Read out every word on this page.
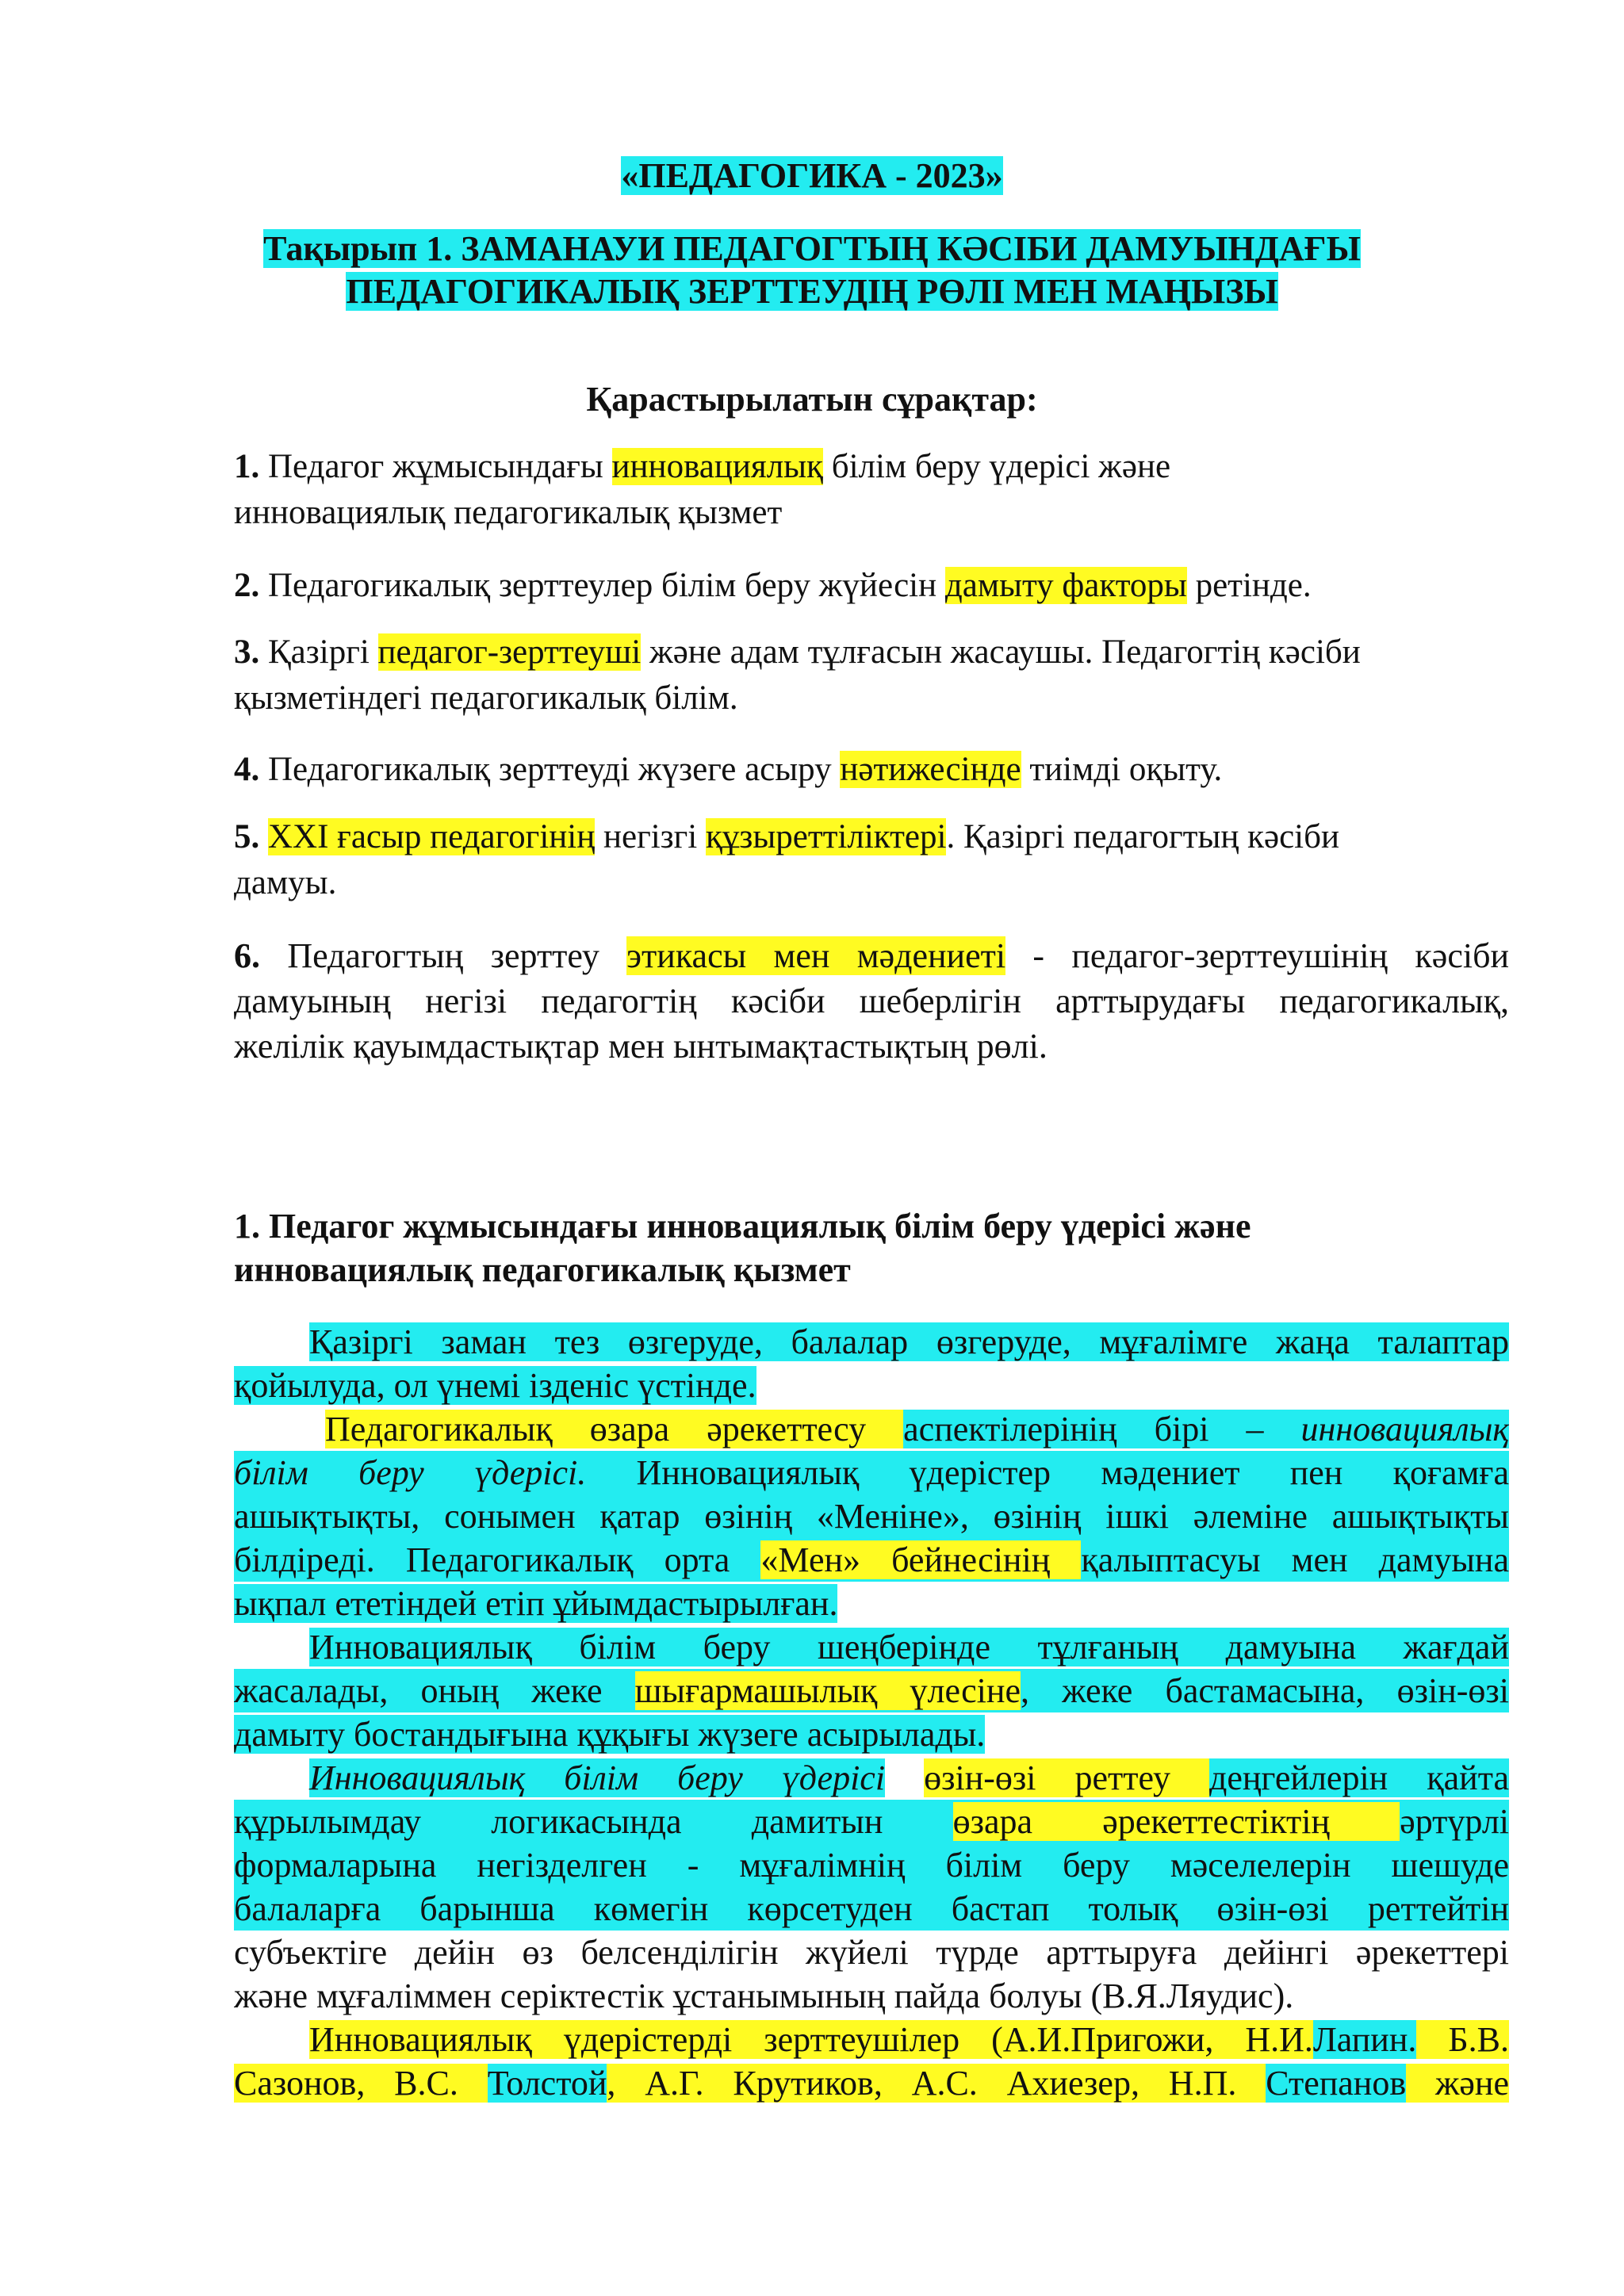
«ПЕДАГОГИКА - 2023»
Тақырып 1. ЗАМАНАУИ ПЕДАГОГТЫҢ КӘСІБИ ДАМУЫНДАҒЫ
ПЕДАГОГИКАЛЫҚ ЗЕРТТЕУДІҢ РӨЛІ МЕН МАҢЫЗЫ
Қарастырылатын сұрақтар:

1. Педагог жұмысындағы инновациялық білім беру үдерісі және

инновациялық педагогикалық қызмет

2. Педагогикалық зерттеулер білім беру жүйесін дамыту факторы ретінде.

3. Қазіргі педагог-зерттеуші және адам тұлғасын жасаушы. Педагогтің кәсіби

қызметіндегі педагогикалық білім.

4. Педагогикалық зерттеуді жүзеге асыру нәтижесінде тиімді оқыту.

5. XXI ғасыр педагогінің негізгі құзыреттіліктері. Қазіргі педагогтың кәсіби

дамуы.

6. Педагогтың зерттеу этикасы мен мәдениеті - педагог-зерттеушінің кәсіби
дамуының негізі педагогтің кәсіби шеберлігін арттырудағы педагогикалық,
желілік қауымдастықтар мен ынтымақтастықтың рөлі.
1. Педагог жұмысындағы инновациялық білім беру үдерісі және
инновациялық педагогикалық қызмет
Қазіргі заман тез өзгеруде, балалар өзгеруде, мұғалімге жаңа талаптар
қойылуда, ол үнемі ізденіс үстінде.
Педагогикалық өзара әрекеттесу аспектілерінің бірі – инновациялық
білім беру үдерісі. Инновациялық үдерістер мәдениет пен қоғамға
ашықтықты, сонымен қатар өзінің «Меніне», өзінің ішкі әлеміне ашықтықты
білдіреді. Педагогикалық орта «Мен» бейнесінің қалыптасуы мен дамуына
ықпал ететіндей етіп ұйымдастырылған.
Инновациялық білім беру шеңберінде тұлғаның дамуына жағдай
жасалады, оның жеке шығармашылық үлесіне, жеке бастамасына, өзін-өзі
дамыту бостандығына құқығы жүзеге асырылады.
Инновациялық білім беру үдерісі өзін-өзі реттеу деңгейлерін қайта
құрылымдау логикасында дамитын өзара әрекеттестіктің әртүрлі
формаларына негізделген - мұғалімнің білім беру мәселелерін шешуде
балаларға барынша көмегін көрсетуден бастап толық өзін-өзі реттейтін
субъектіге дейін өз белсенділігін жүйелі түрде арттыруға дейінгі әрекеттері
және мұғаліммен серіктестік ұстанымының пайда болуы (В.Я.Ляудис).
Инновациялық үдерістерді зерттеушілер (А.И.Пригожи, Н.И.Лапин. Б.В.
Сазонов, В.С. Толстой, А.Г. Крутиков, А.С. Ахиезер, Н.П. Степанов және
